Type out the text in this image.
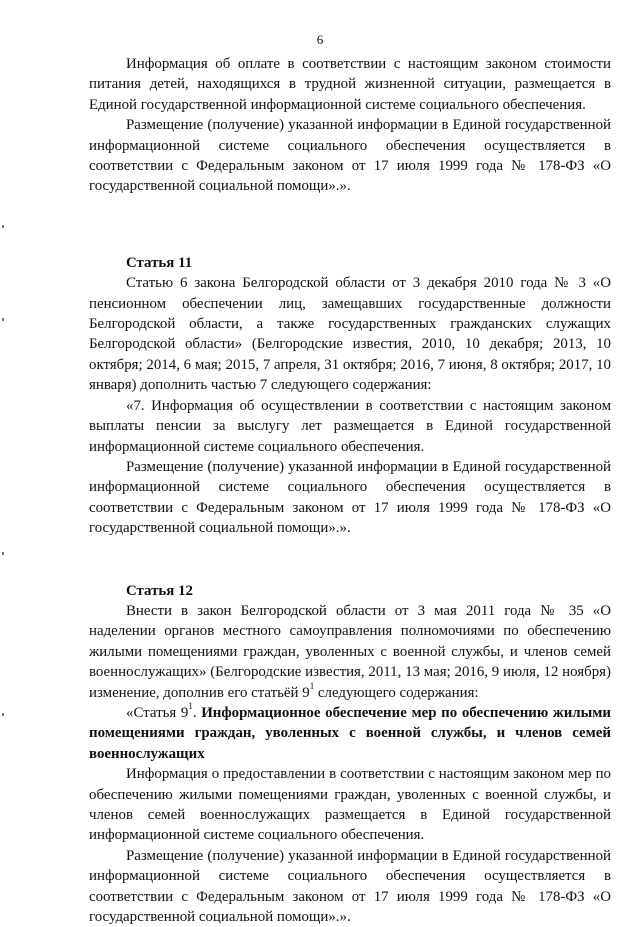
6

Информация об оплате в соответствии с настоящим законом стоимости питания детей, находящихся в трудной жизненной ситуации, размещается в Единой государственной информационной системе социального обеспечения.

Размещение (получение) указанной информации в Единой государственной информационной системе социального обеспечения осуществляется в соответствии с Федеральным законом от 17 июля 1999 года № 178-ФЗ «О государственной социальной помощи».».

Статья 11

Статью 6 закона Белгородской области от 3 декабря 2010 года № 3 «О пенсионном обеспечении лиц, замещавших государственные должности Белгородской области, а также государственных гражданских служащих Белгородской области» (Белгородские известия, 2010, 10 декабря; 2013, 10 октября; 2014, 6 мая; 2015, 7 апреля, 31 октября; 2016, 7 июня, 8 октября; 2017, 10 января) дополнить частью 7 следующего содержания:

«7. Информация об осуществлении в соответствии с настоящим законом выплаты пенсии за выслугу лет размещается в Единой государственной информационной системе социального обеспечения.

Размещение (получение) указанной информации в Единой государственной информационной системе социального обеспечения осуществляется в соответствии с Федеральным законом от 17 июля 1999 года № 178-ФЗ «О государственной социальной помощи».».

Статья 12

Внести в закон Белгородской области от 3 мая 2011 года № 35 «О наделении органов местного самоуправления полномочиями по обеспечению жилыми помещениями граждан, уволенных с военной службы, и членов семей военнослужащих» (Белгородские известия, 2011, 13 мая; 2016, 9 июля, 12 ноября) изменение, дополнив его статьёй $9^1$ следующего содержания:

«Статья $9^1$. Информационное обеспечение мер по обеспечению жилыми помещениями граждан, уволенных с военной службы, и членов семей военнослужащих

Информация о предоставлении в соответствии с настоящим законом мер по обеспечению жилыми помещениями граждан, уволенных с военной службы, и членов семей военнослужащих размещается в Единой государственной информационной системе социального обеспечения.

Размещение (получение) указанной информации в Единой государственной информационной системе социального обеспечения осуществляется в соответствии с Федеральным законом от 17 июля 1999 года № 178-ФЗ «О государственной социальной помощи».».
